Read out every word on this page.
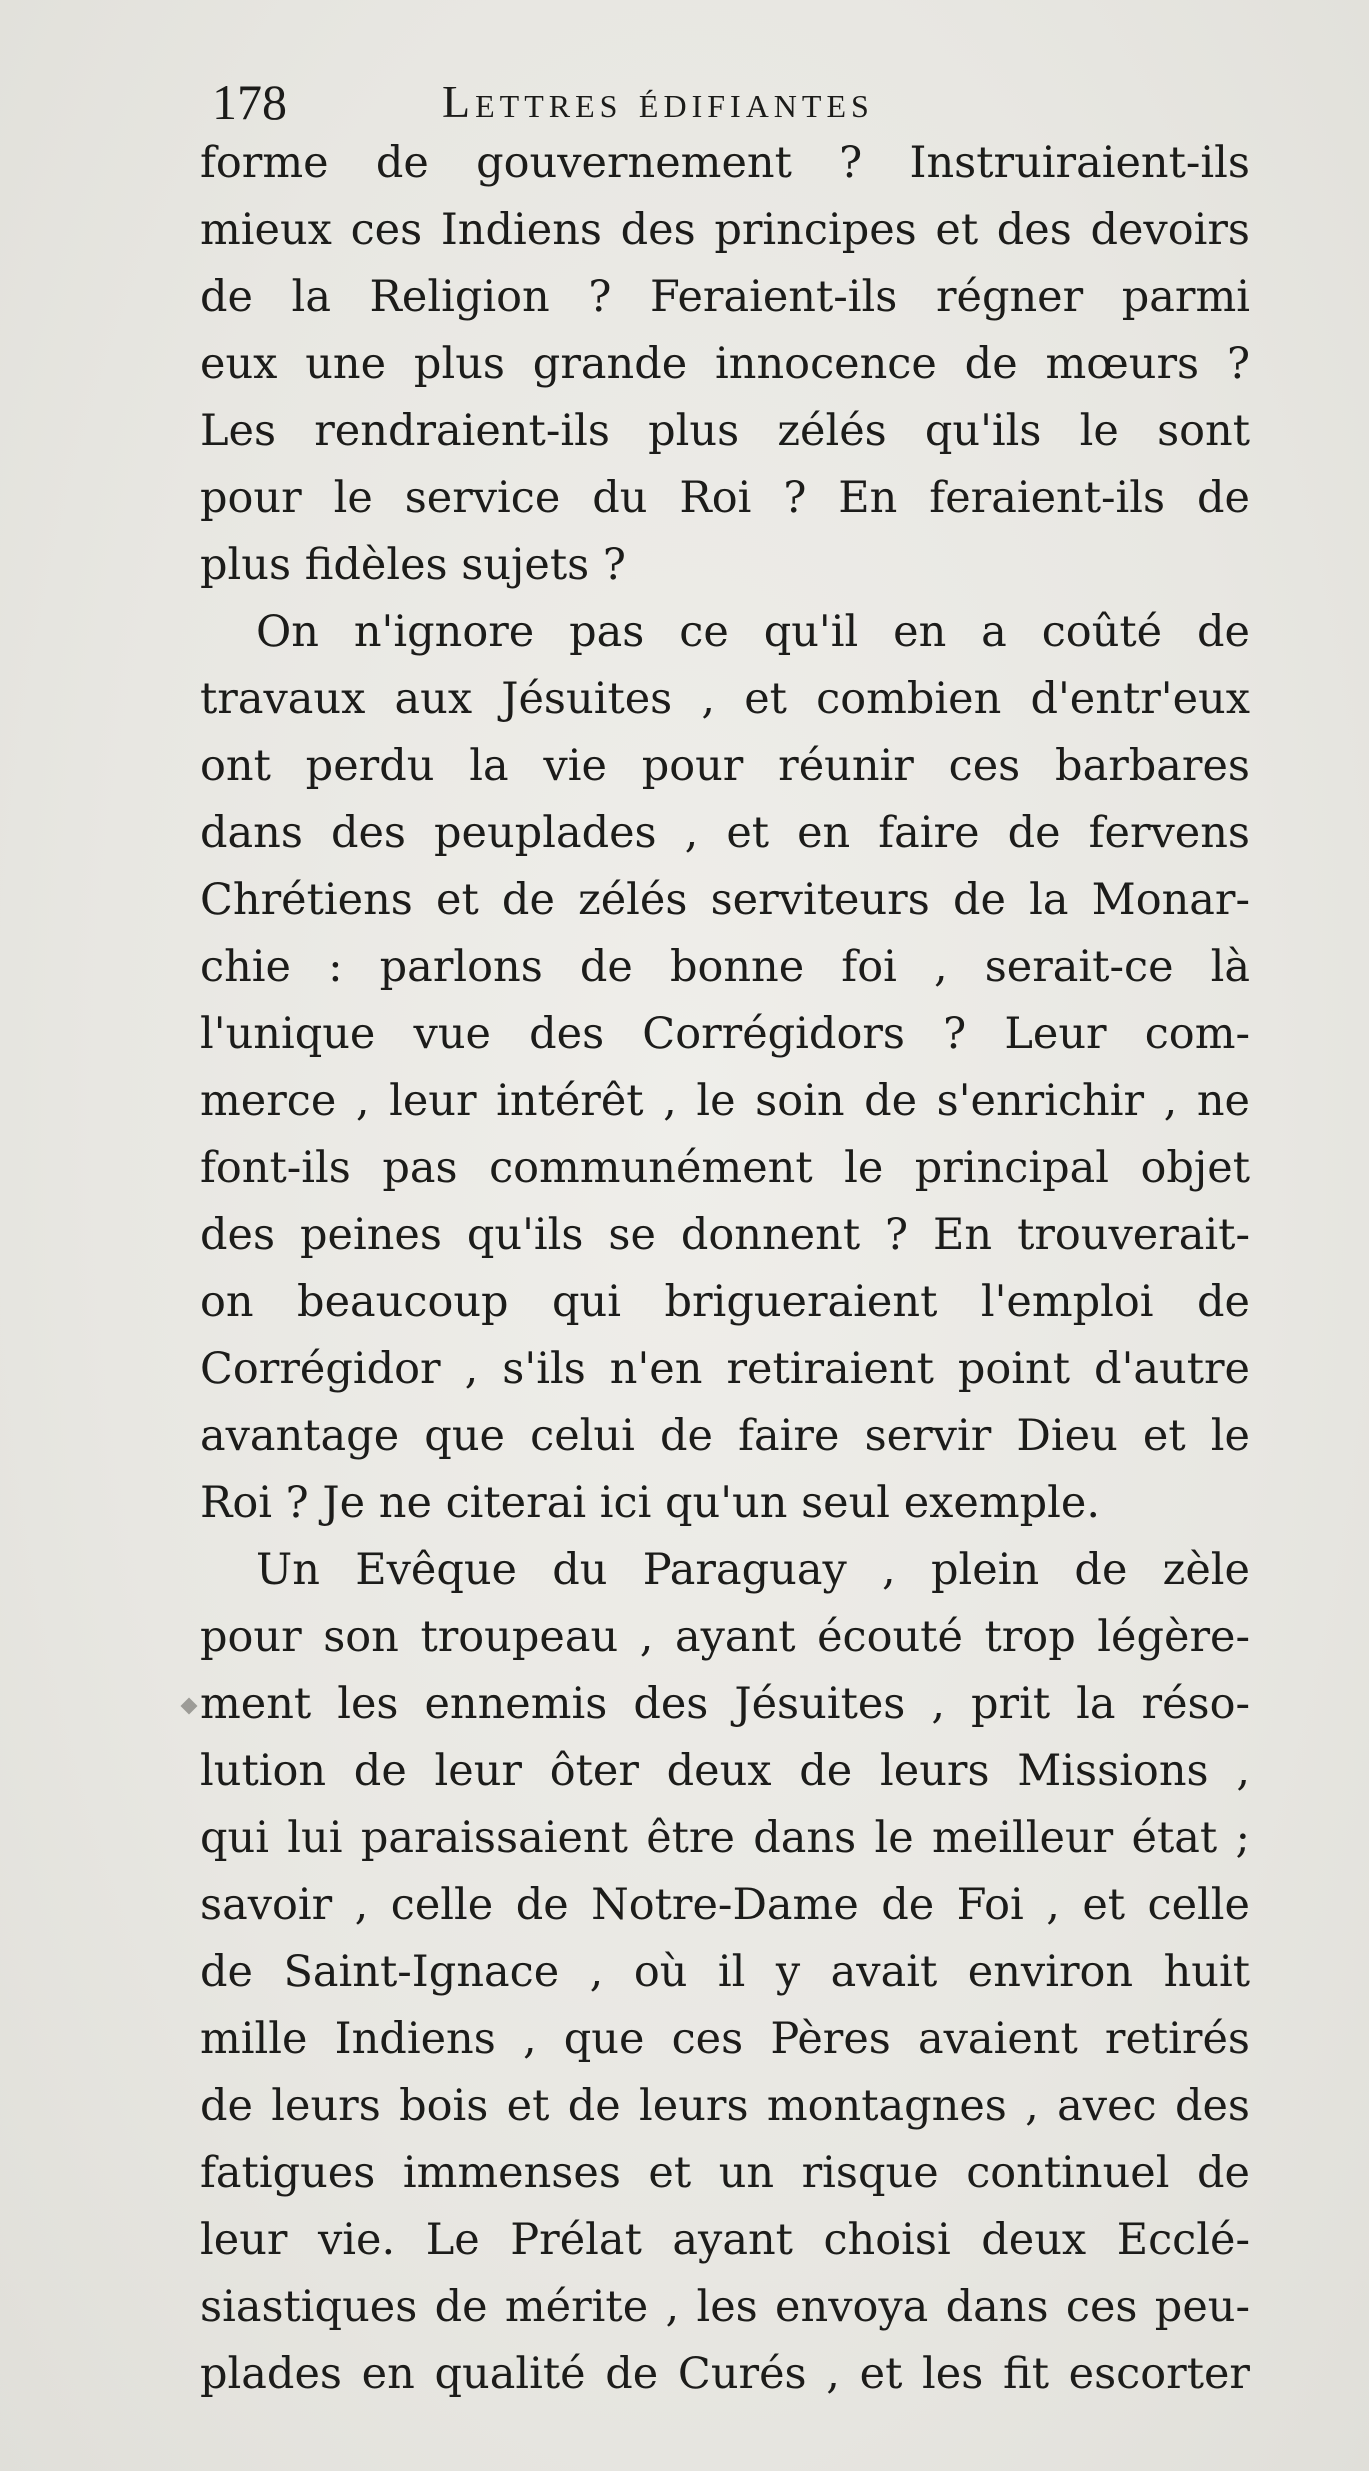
178	Lettres édifiantes
forme de gouvernement ? Instruiraient-ils
mieux ces Indiens des principes et des devoirs
de la Religion ? Feraient-ils régner parmi
eux une plus grande innocence de mœurs ?
Les rendraient-ils plus zélés qu'ils le sont
pour le service du Roi ? En feraient-ils de
plus fidèles sujets ?
On n'ignore pas ce qu'il en a coûté de
travaux aux Jésuites , et combien d'entr'eux
ont perdu la vie pour réunir ces barbares
dans des peuplades , et en faire de fervens
Chrétiens et de zélés serviteurs de la Monar-
chie : parlons de bonne foi , serait-ce là
l'unique vue des Corrégidors ? Leur com-
merce , leur intérêt , le soin de s'enrichir , ne
font-ils pas communément le principal objet
des peines qu'ils se donnent ? En trouverait-
on beaucoup qui brigueraient l'emploi de
Corrégidor , s'ils n'en retiraient point d'autre
avantage que celui de faire servir Dieu et le
Roi ? Je ne citerai ici qu'un seul exemple.
Un Evêque du Paraguay , plein de zèle
pour son troupeau , ayant écouté trop légère-
ment les ennemis des Jésuites , prit la réso-
lution de leur ôter deux de leurs Missions ,
qui lui paraissaient être dans le meilleur état ;
savoir , celle de Notre-Dame de Foi , et celle
de Saint-Ignace , où il y avait environ huit
mille Indiens , que ces Pères avaient retirés
de leurs bois et de leurs montagnes , avec des
fatigues immenses et un risque continuel de
leur vie. Le Prélat ayant choisi deux Ecclé-
siastiques de mérite , les envoya dans ces peu-
plades en qualité de Curés , et les fit escorter
